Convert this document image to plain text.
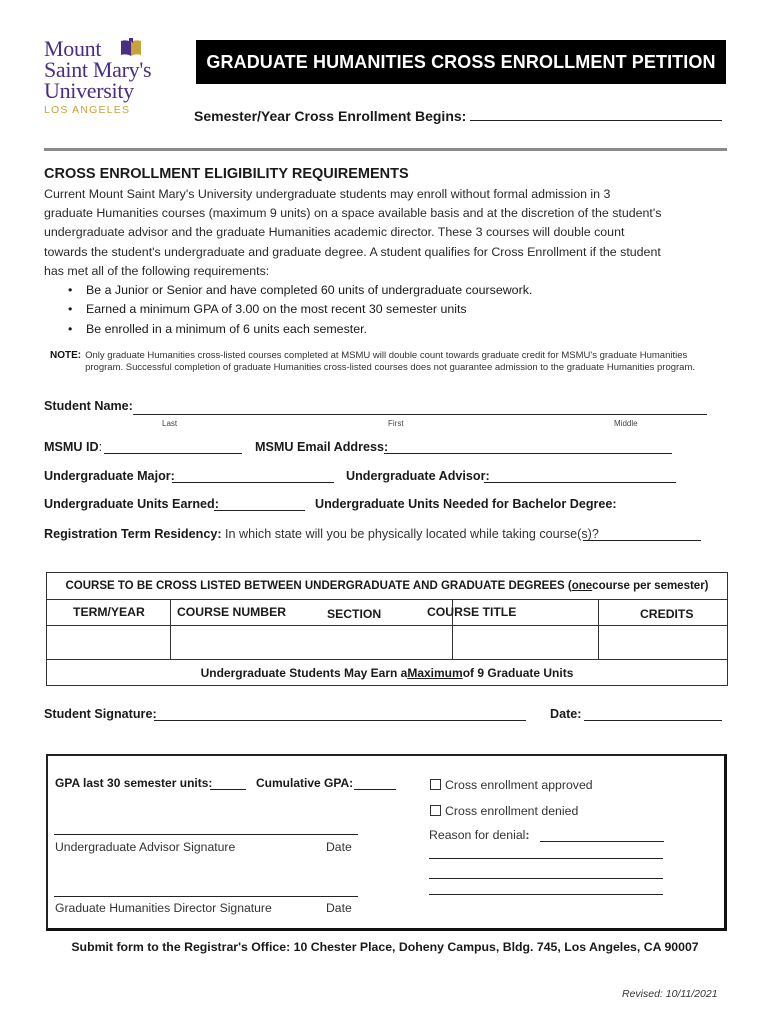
Mount
Saint Mary's
University
LOS ANGELES
GRADUATE HUMANITIES CROSS ENROLLMENT PETITION
Semester/Year Cross Enrollment Begins:
CROSS ENROLLMENT ELIGIBILITY REQUIREMENTS
Current Mount Saint Mary's University undergraduate students may enroll without formal admission in 3
graduate Humanities courses (maximum 9 units) on a space available basis and at the discretion of the student's
undergraduate advisor and the graduate Humanities academic director. These 3 courses will double count
towards the student's undergraduate and graduate degree. A student qualifies for Cross Enrollment if the student
has met all of the following requirements:
• Be a Junior or Senior and have completed 60 units of undergraduate coursework.
• Earned a minimum GPA of 3.00 on the most recent 30 semester units
• Be enrolled in a minimum of 6 units each semester.
NOTE: Only graduate Humanities cross-listed courses completed at MSMU will double count towards graduate credit for MSMU's graduate Humanities
program. Successful completion of graduate Humanities cross-listed courses does not guarantee admission to the graduate Humanities program.
Student Name:
Last	First	Middle
MSMU ID:	MSMU Email Address:
Undergraduate Major:	Undergraduate Advisor:
Undergraduate Units Earned:	Undergraduate Units Needed for Bachelor Degree:
Registration Term Residency: In which state will you be physically located while taking course(s)?
COURSE TO BE CROSS LISTED BETWEEN UNDERGRADUATE AND GRADUATE DEGREES ( one course per semester)
TERM/YEAR	COURSE NUMBER	SECTION	COURSE TITLE	CREDITS
Undergraduate Students May Earn a Maximum of 9 Graduate Units
Student Signature:	Date:
GPA last 30 semester units:	Cumulative GPA:	Cross enrollment approved
Cross enrollment denied
Reason for denial:
Undergraduate Advisor Signature	Date
Graduate Humanities Director Signature	Date
Submit form to the Registrar's Office: 10 Chester Place, Doheny Campus, Bldg. 745, Los Angeles, CA 90007
Revised: 10/11/2021
